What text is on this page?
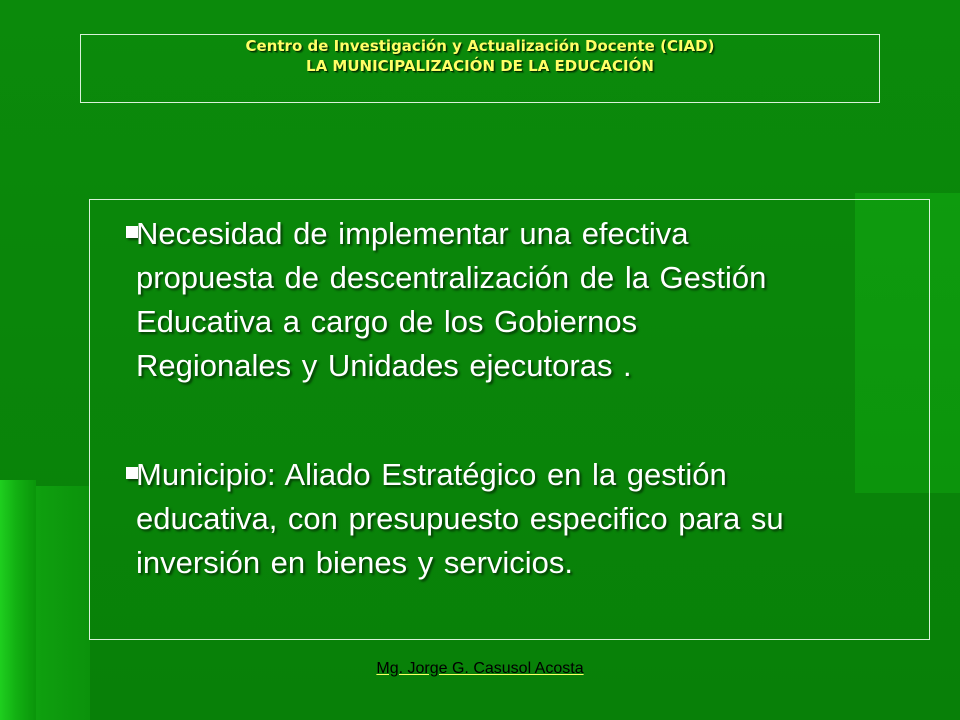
Centro de Investigación y Actualización Docente (CIAD)
LA MUNICIPALIZACIÓN DE LA EDUCACIÓN
Necesidad de implementar una efectiva
propuesta de descentralización de la Gestión
Educativa a cargo de los Gobiernos
Regionales y Unidades ejecutoras .
Municipio: Aliado Estratégico en la gestión
educativa, con presupuesto especifico para su
inversión en bienes y servicios.
Mg. Jorge G. Casusol Acosta
